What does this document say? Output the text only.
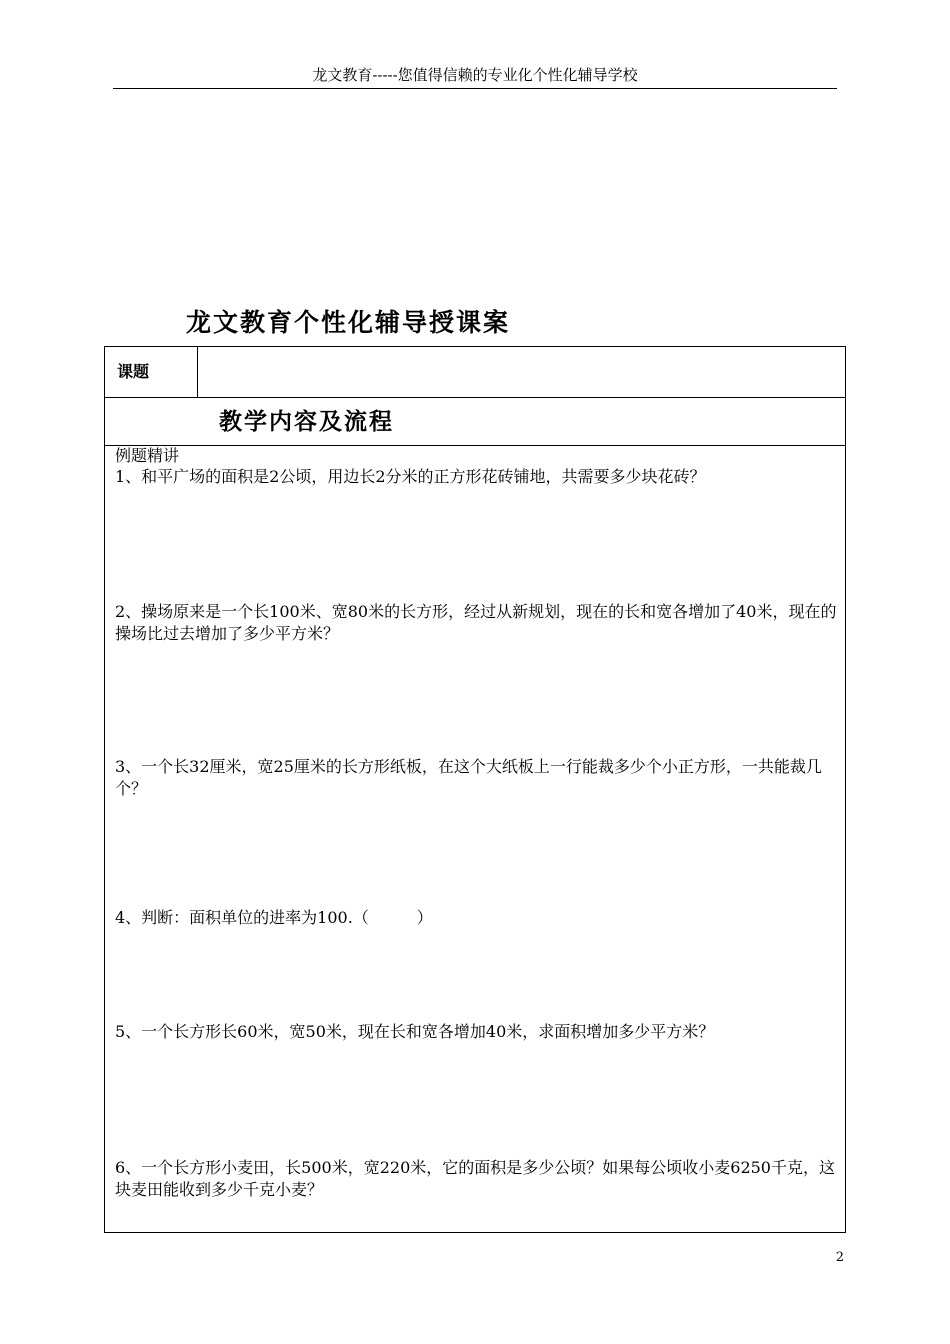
龙文教育-----您值得信赖的专业化个性化辅导学校
龙文教育个性化辅导授课案
课题
教学内容及流程
例题精讲

1、和平广场的面积是2公顷，用边长2分米的正方形花砖铺地，共需要多少块花砖？

2、操场原来是一个长100米、宽80米的长方形，经过从新规划，现在的长和宽各增加了40米，现在的操场比过去增加了多少平方米？

3、一个长32厘米，宽25厘米的长方形纸板，在这个大纸板上一行能裁多少个小正方形，一共能裁几个？

4、判断：面积单位的进率为100.（　　　）

5、一个长方形长60米，宽50米，现在长和宽各增加40米，求面积增加多少平方米？

6、一个长方形小麦田，长500米，宽220米，它的面积是多少公顷？如果每公顷收小麦6250千克，这块麦田能收到多少千克小麦？

2
